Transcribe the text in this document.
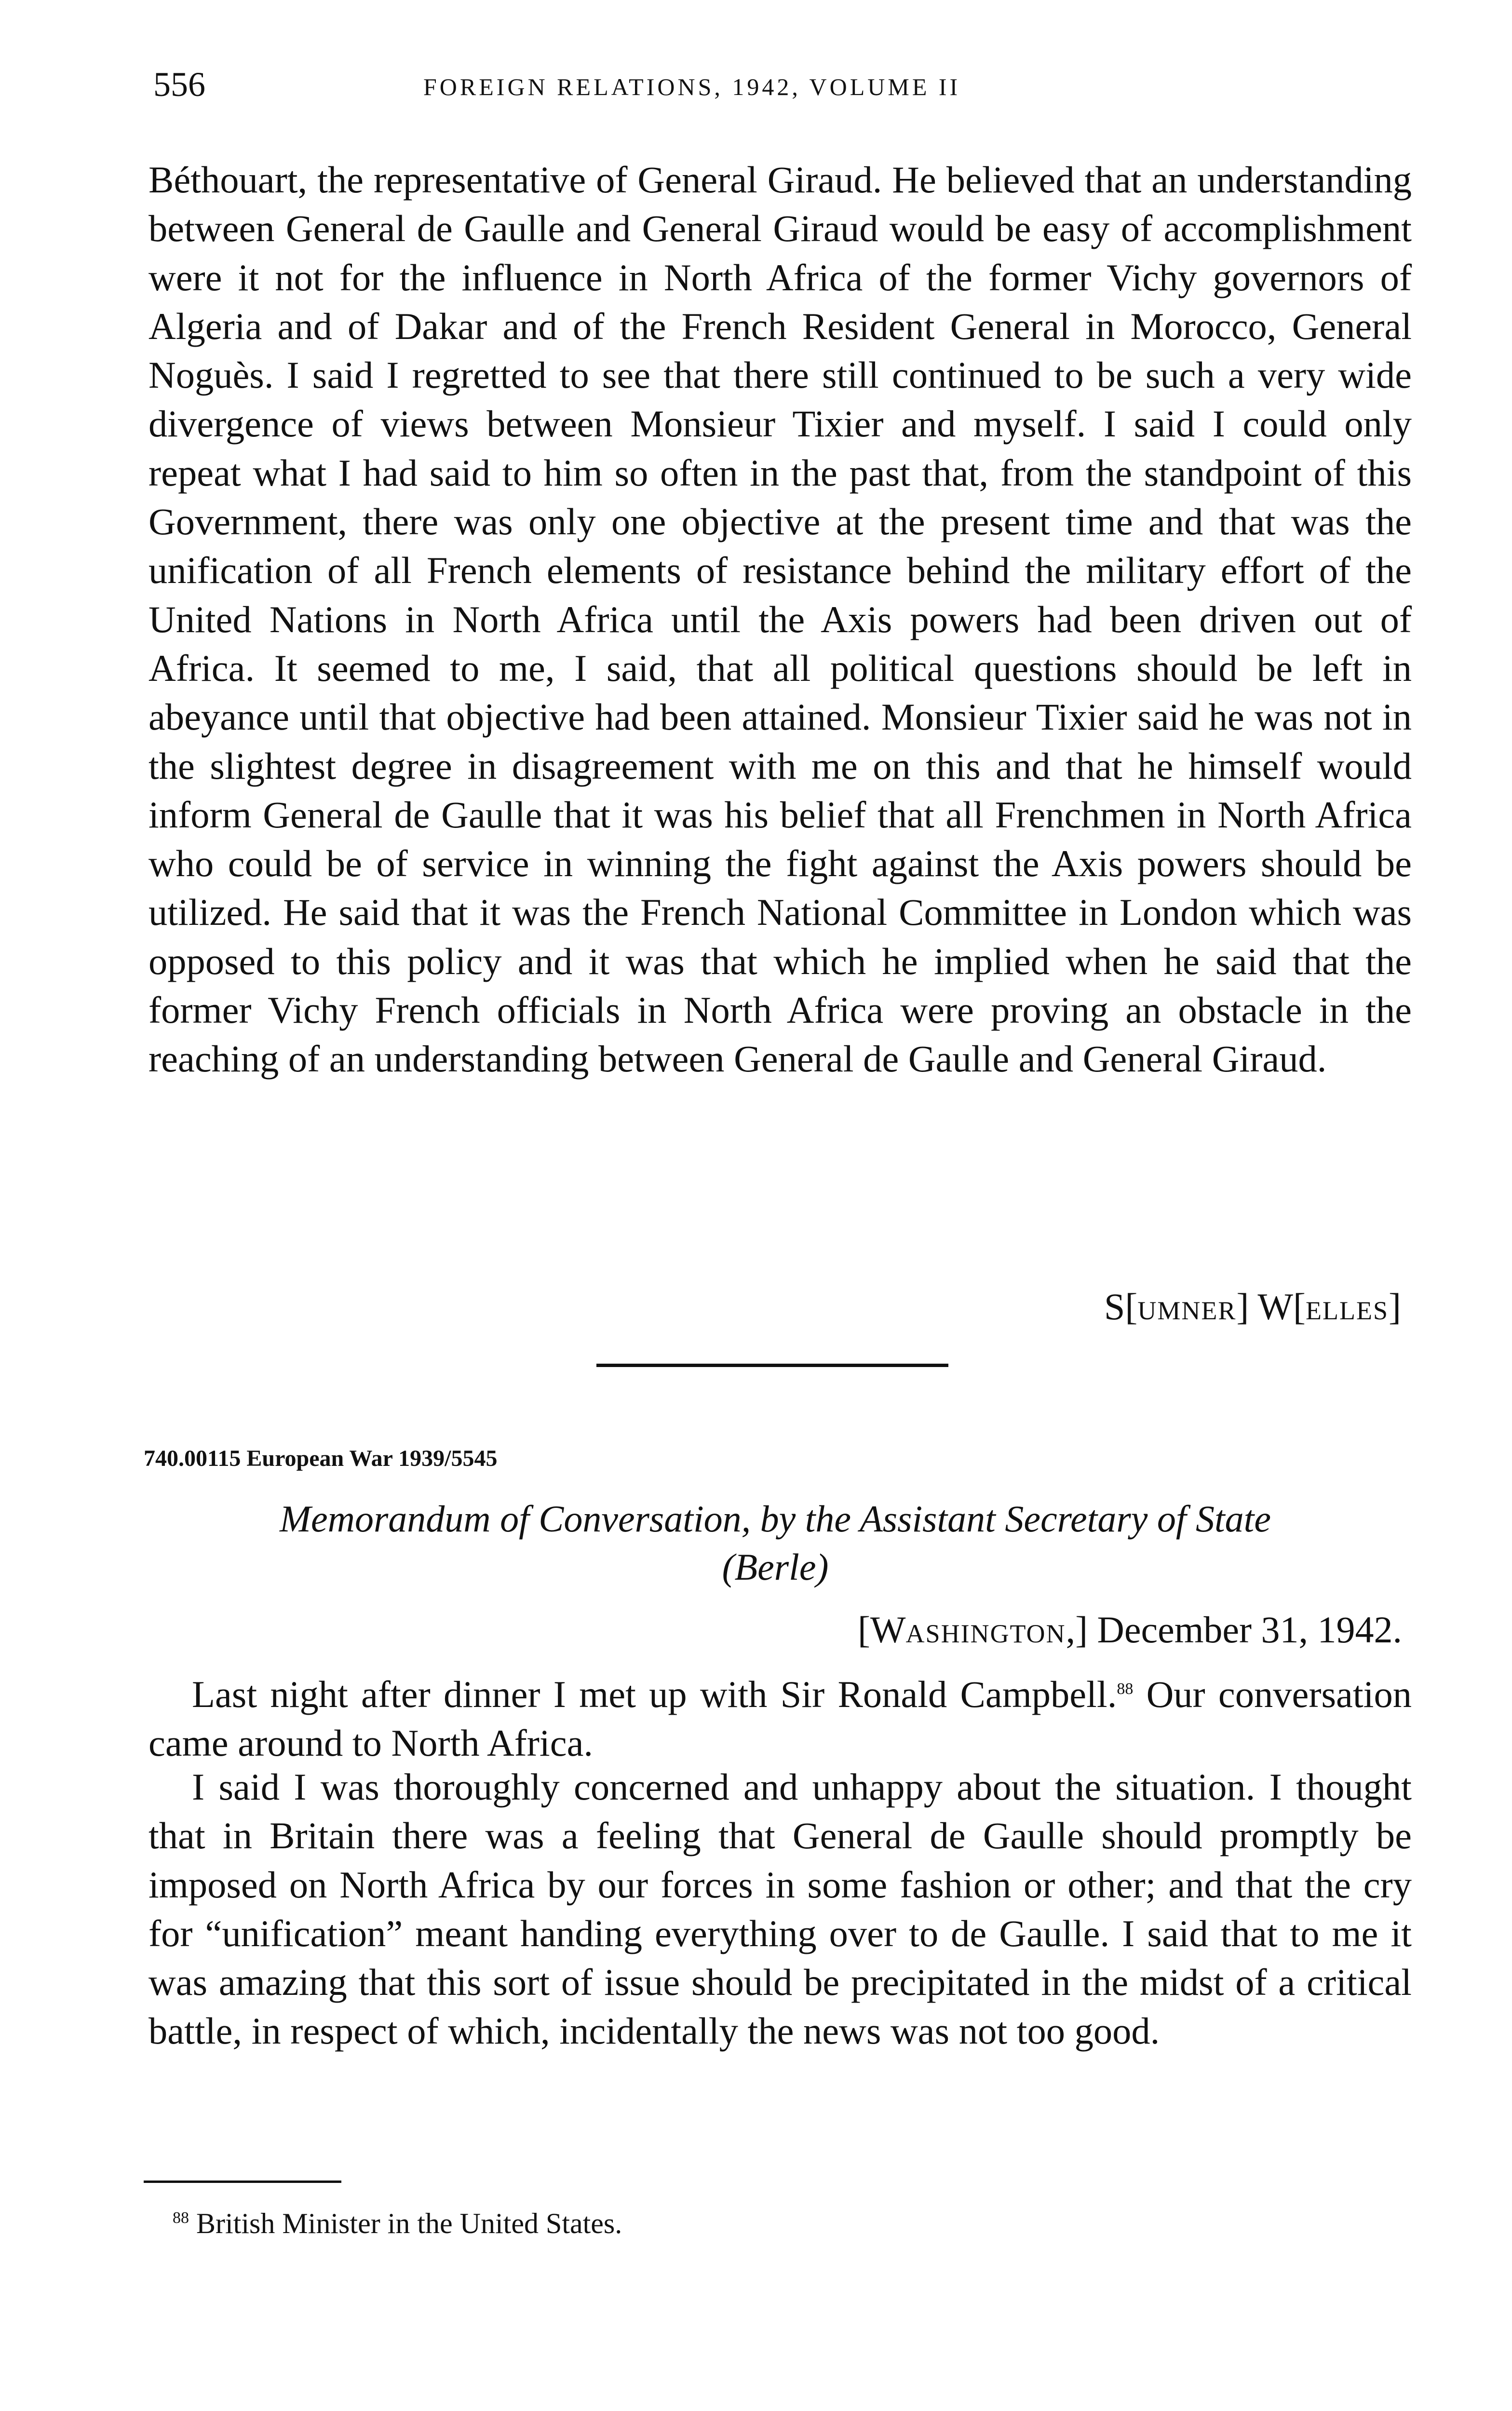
556	FOREIGN RELATIONS, 1942, VOLUME II

Béthouart, the representative of General Giraud. He believed that an understanding between General de Gaulle and General Giraud would be easy of accomplishment were it not for the influence in North Africa of the former Vichy governors of Algeria and of Dakar and of the French Resident General in Morocco, General Noguès. I said I regretted to see that there still continued to be such a very wide divergence of views between Monsieur Tixier and myself. I said I could only repeat what I had said to him so often in the past that, from the standpoint of this Government, there was only one objective at the present time and that was the unification of all French elements of resistance behind the military effort of the United Nations in North Africa until the Axis powers had been driven out of Africa. It seemed to me, I said, that all political questions should be left in abeyance until that objective had been attained. Monsieur Tixier said he was not in the slightest degree in disagreement with me on this and that he himself would inform General de Gaulle that it was his belief that all Frenchmen in North Africa who could be of service in winning the fight against the Axis powers should be utilized. He said that it was the French National Committee in London which was opposed to this policy and it was that which he implied when he said that the former Vichy French officials in North Africa were proving an obstacle in the reaching of an understanding between General de Gaulle and General Giraud.

S[UMNER] W[ELLES]
740.00115 European War 1939/5545
Memorandum of Conversation, by the Assistant Secretary of State
(Berle)
[WASHINGTON,] December 31, 1942.

Last night after dinner I met up with Sir Ronald Campbell.$^{88}$ Our conversation came around to North Africa.

I said I was thoroughly concerned and unhappy about the situation. I thought that in Britain there was a feeling that General de Gaulle should promptly be imposed on North Africa by our forces in some fashion or other; and that the cry for “unification” meant handing everything over to de Gaulle. I said that to me it was amazing that this sort of issue should be precipitated in the midst of a critical battle, in respect of which, incidentally the news was not too good.

$^{88}$ British Minister in the United States.
